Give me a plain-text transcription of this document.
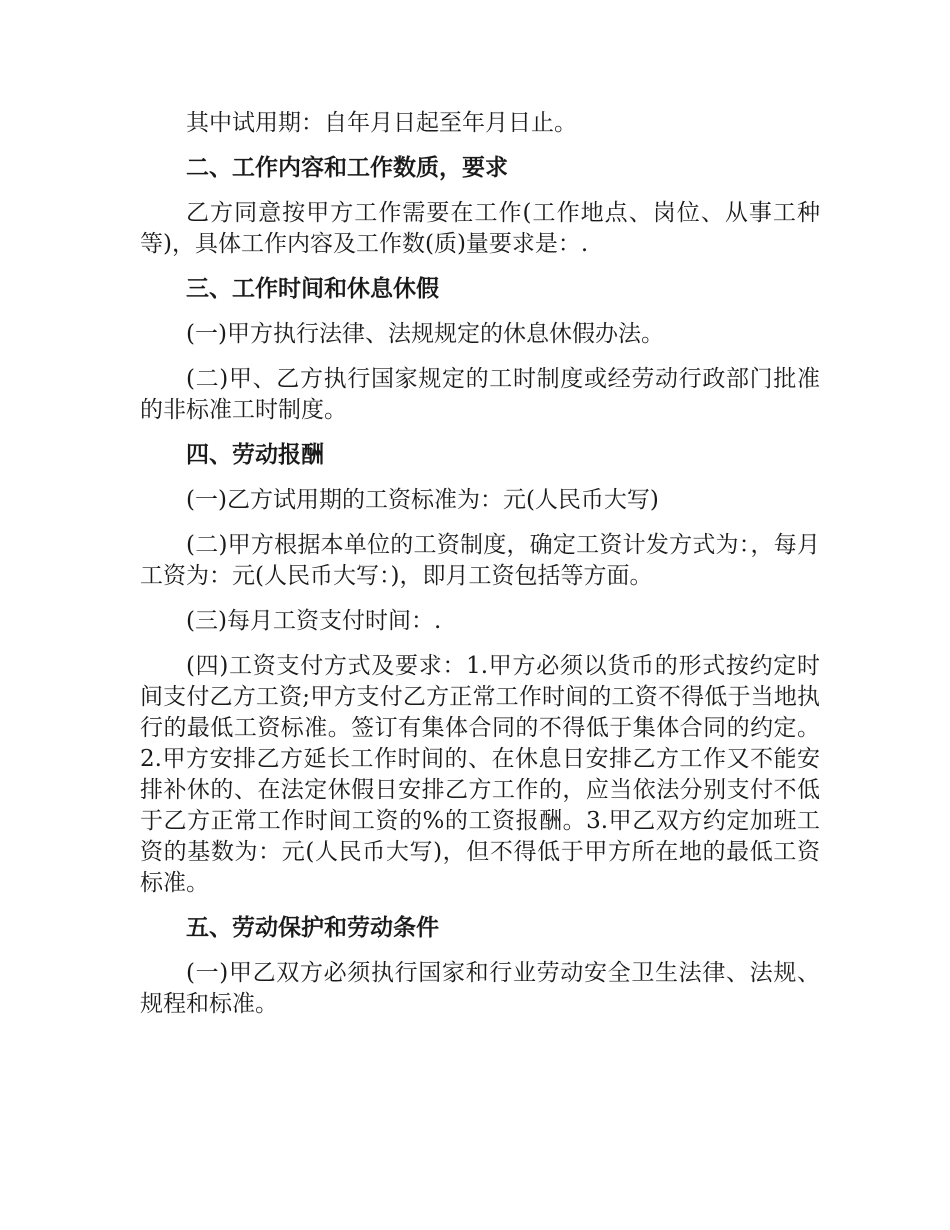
其中试用期：自年月日起至年月日止。

二、工作内容和工作数质，要求

乙方同意按甲方工作需要在工作(工作地点、岗位、从事工种等)，具体工作内容及工作数(质)量要求是：.

三、工作时间和休息休假

(一)甲方执行法律、法规规定的休息休假办法。

(二)甲、乙方执行国家规定的工时制度或经劳动行政部门批准的非标准工时制度。

四、劳动报酬

(一)乙方试用期的工资标准为：元(人民币大写)

(二)甲方根据本单位的工资制度，确定工资计发方式为：，每月工资为：元(人民币大写：)，即月工资包括等方面。

(三)每月工资支付时间：.

(四)工资支付方式及要求：1.甲方必须以货币的形式按约定时间支付乙方工资;甲方支付乙方正常工作时间的工资不得低于当地执行的最低工资标准。签订有集体合同的不得低于集体合同的约定。2.甲方安排乙方延长工作时间的、在休息日安排乙方工作又不能安排补休的、在法定休假日安排乙方工作的，应当依法分别支付不低于乙方正常工作时间工资的%的工资报酬。3.甲乙双方约定加班工资的基数为：元(人民币大写)，但不得低于甲方所在地的最低工资标准。

五、劳动保护和劳动条件

(一)甲乙双方必须执行国家和行业劳动安全卫生法律、法规、规程和标准。
